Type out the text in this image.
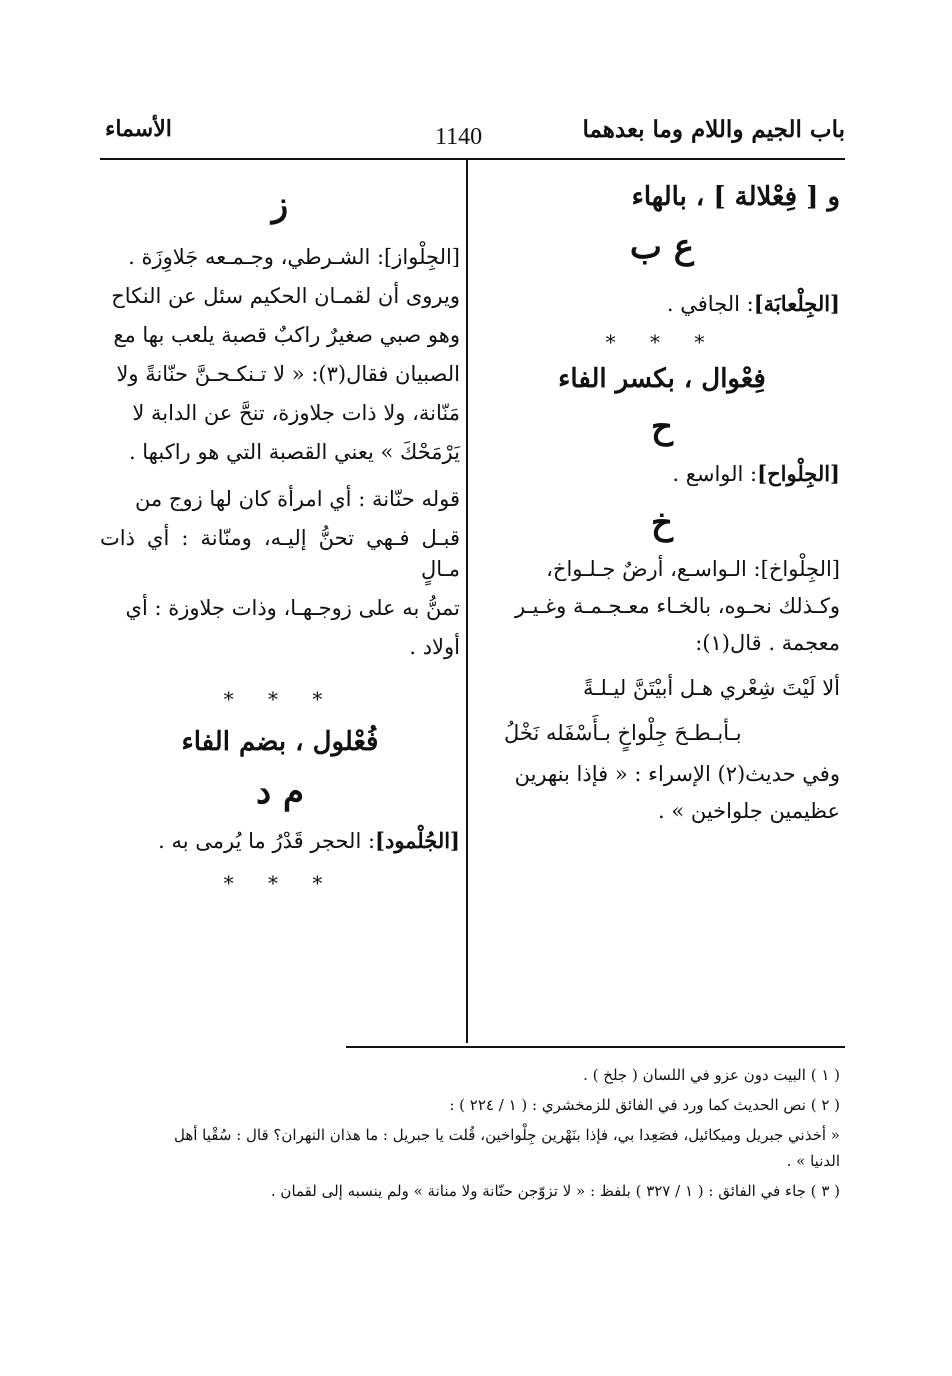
باب الجيم واللام وما بعدهما
1140
الأسماء

و [ فِعْلالة ] ، بالهاء

ع ب

[الجِلْعابَة]: الجافي .

* * *

فِعْوال ، بكسر الفاء

ح

[الجِلْواح]: الواسع .

خ

[الجِلْواخ]: الـواسـع، أرضٌ جـلـواخ،

وكـذلك نحـوه، بالخـاء معـجـمـة وغـيـر

معجمة . قال(١):

ألا لَيْتَ شِعْري هـل أبيْتَنَّ ليـلـةً

بـأبـطـحَ جِلْواخٍ بـأَسْفَله نَخْلُ

وفي حديث(٢) الإسراء : « فإذا بنهرين

عظيمين جلواخين » .

ز

[الجِلْواز]: الشـرطي، وجـمـعه جَلاوِزَة .

ويروى أن لقمـان الحكيم سئل عن النكاح

وهو صبي صغيرٌ راكبٌ قصبة يلعب بها مع

الصبيان فقال(٣): « لا تـنكـحـنَّ حنّانةً ولا

مَنّانة، ولا ذات جلاوزة، تنحَّ عن الدابة لا

يَرْمَحْكَ » يعني القصبة التي هو راكبها .

قوله حنّانة : أي امرأة كان لها زوج من

قبـل فـهي تحنُّ إليـه، ومنّانة : أي ذات مـالٍ

تمنُّ به على زوجـهـا، وذات جلاوزة : أي

أولاد .

* * *

فُعْلول ، بضم الفاء

م د

[الجُلْمود]: الحجر قَدْرُ ما يُرمى به .

* * *

( ١ ) البيت دون عزو في اللسان ( جلخ ) .

( ٢ ) نص الحديث كما ورد في الفائق للزمخشري : ( ١ / ٢٢٤ ) :

« أخذني جبريل وميكائيل، فصَعِدا بي، فإذا بنَهْرين جِلْواخين، قُلت يا جبريل : ما هذان النهران؟ قال : سُقْيا أهل

الدنيا » .

( ٣ ) جاء في الفائق : ( ١ / ٣٢٧ ) بلفظ : « لا تزوّجن حنّانة ولا منانة » ولم ينسبه إلى لقمان .
